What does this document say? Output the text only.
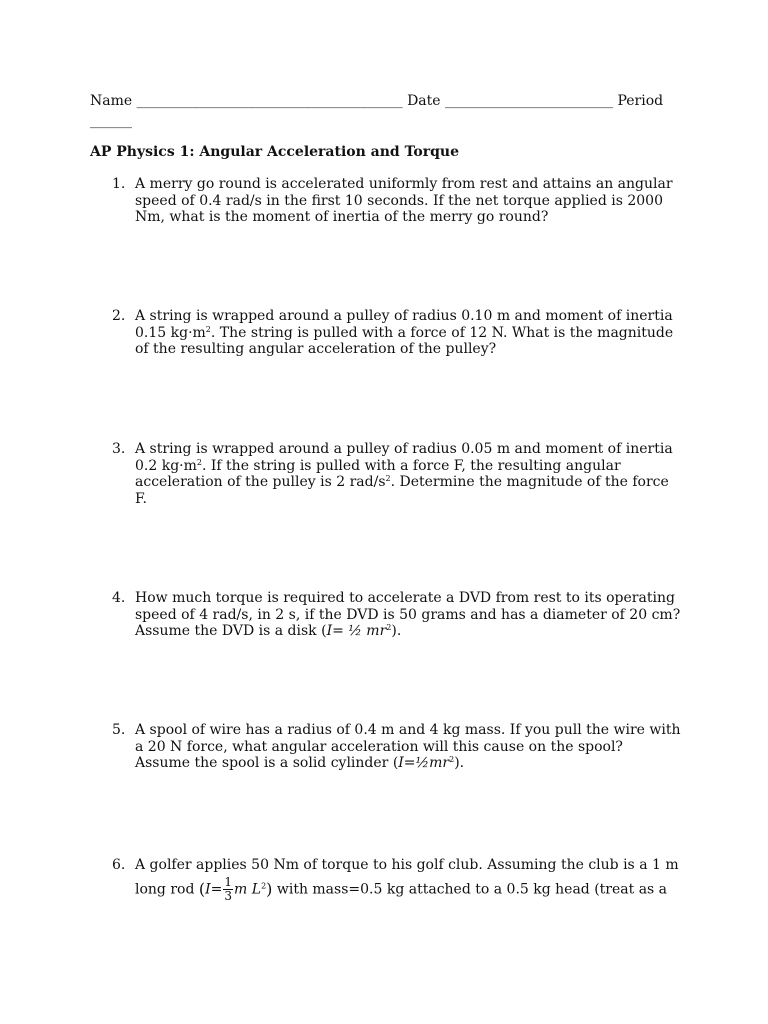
Name ______________________________________ Date ________________________ Period
______
AP Physics 1: Angular Acceleration and Torque
1. A merry go round is accelerated uniformly from rest and attains an angular speed of 0.4 rad/s in the first 10 seconds. If the net torque applied is 2000 Nm, what is the moment of inertia of the merry go round?
2. A string is wrapped around a pulley of radius 0.10 m and moment of inertia 0.15 $kg\cdot m^2$. The string is pulled with a force of 12 N. What is the magnitude of the resulting angular acceleration of the pulley?
3. A string is wrapped around a pulley of radius 0.05 m and moment of inertia 0.2 $kg\cdot m^2$. If the string is pulled with a force F, the resulting angular acceleration of the pulley is 2 rad/$s^2$. Determine the magnitude of the force F.
4. How much torque is required to accelerate a DVD from rest to its operating speed of 4 rad/s, in 2 s, if the DVD is 50 grams and has a diameter of 20 cm? Assume the DVD is a disk (I= ½ $mr^2$).
5. A spool of wire has a radius of 0.4 m and 4 kg mass. If you pull the wire with a 20 N force, what angular acceleration will this cause on the spool? Assume the spool is a solid cylinder $(I=\frac{1}{2}mr^2)$.
6. A golfer applies 50 Nm of torque to his golf club. Assuming the club is a 1 m long rod ($I= \frac{1}{3}$ m $L^2$) with mass=0.5 kg attached to a 0.5 kg head (treat as a
